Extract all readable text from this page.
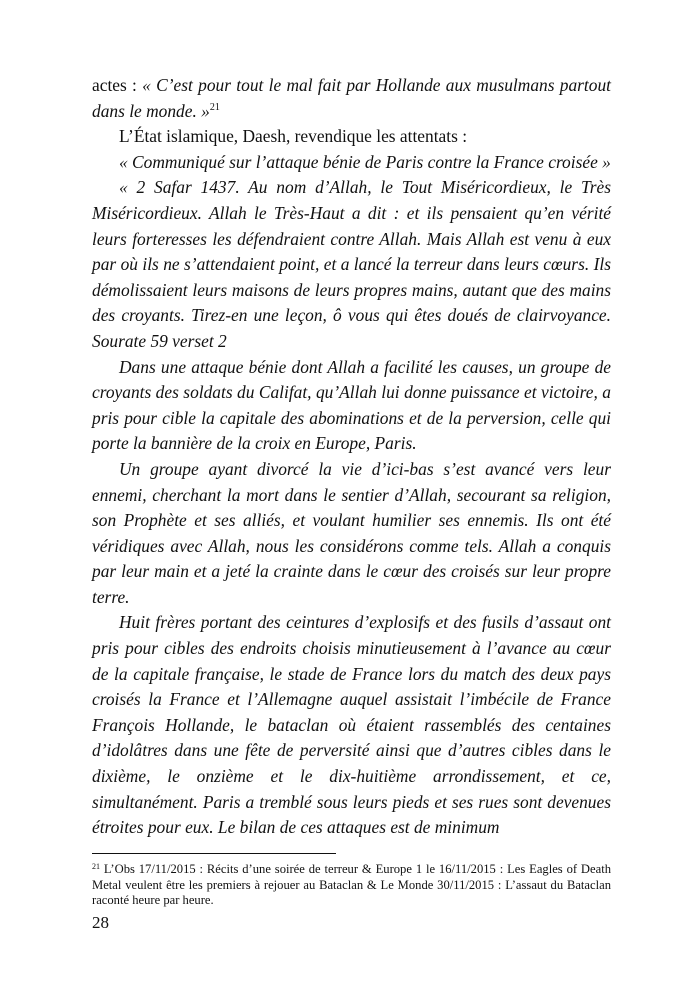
actes : « C’est pour tout le mal fait par Hollande aux musulmans partout dans le monde. »$^{21}$

L’État islamique, Daesh, revendique les attentats :

« Communiqué sur l’attaque bénie de Paris contre la France croisée »

« 2 Safar 1437. Au nom d’Allah, le Tout Miséricordieux, le Très Miséricordieux. Allah le Très-Haut a dit : et ils pensaient qu’en vérité leurs forteresses les défendraient contre Allah. Mais Allah est venu à eux par où ils ne s’attendaient point, et a lancé la terreur dans leurs cœurs. Ils démolissaient leurs maisons de leurs propres mains, autant que des mains des croyants. Tirez-en une leçon, ô vous qui êtes doués de clairvoyance. Sourate 59 verset 2

Dans une attaque bénie dont Allah a facilité les causes, un groupe de croyants des soldats du Califat, qu’Allah lui donne puissance et victoire, a pris pour cible la capitale des abominations et de la perversion, celle qui porte la bannière de la croix en Europe, Paris.

Un groupe ayant divorcé la vie d’ici-bas s’est avancé vers leur ennemi, cherchant la mort dans le sentier d’Allah, secourant sa religion, son Prophète et ses alliés, et voulant humilier ses ennemis. Ils ont été véridiques avec Allah, nous les considérons comme tels. Allah a conquis par leur main et a jeté la crainte dans le cœur des croisés sur leur propre terre.

Huit frères portant des ceintures d’explosifs et des fusils d’assaut ont pris pour cibles des endroits choisis minutieusement à l’avance au cœur de la capitale française, le stade de France lors du match des deux pays croisés la France et l’Allemagne auquel assistait l’imbécile de France François Hollande, le bataclan où étaient rassemblés des centaines d’idolâtres dans une fête de perversité ainsi que d’autres cibles dans le dixième, le onzième et le dix-huitième arrondissement, et ce, simultanément. Paris a tremblé sous leurs pieds et ses rues sont devenues étroites pour eux. Le bilan de ces attaques est de minimum

$^{21}$ L’Obs 17/11/2015 : Récits d’une soirée de terreur & Europe 1 le 16/11/2015 : Les Eagles of Death Metal veulent être les premiers à rejouer au Bataclan & Le Monde 30/11/2015 : L’assaut du Bataclan raconté heure par heure.

28
